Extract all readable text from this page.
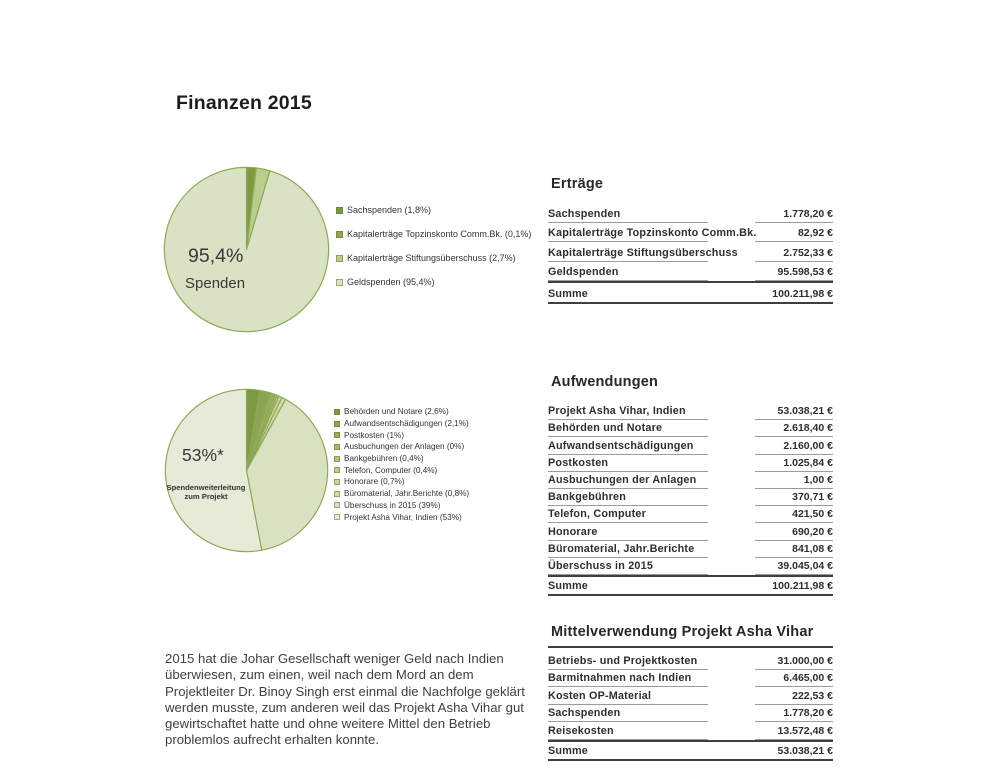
Finanzen 2015
95,4%
Spenden
Sachspenden (1,8%)
Kapitalerträge Topzinskonto Comm.Bk. (0,1%)
Kapitalerträge Stiftungsüberschuss (2,7%)
Geldspenden (95,4%)
Erträge
Sachspenden	1.778,20 €
Kapitalerträge Topzinskonto Comm.Bk.	82,92 €
Kapitalerträge Stiftungsüberschuss	2.752,33 €
Geldspenden	95.598,53 €
Summe	100.211,98 €
53%*
Spendenweiterleitung
zum Projekt
Behörden und Notare (2,6%)
Aufwandsentschädigungen (2,1%)
Postkosten (1%)
Ausbuchungen der Anlagen (0%)
Bankgebühren (0,4%)
Telefon, Computer (0,4%)
Honorare (0,7%)
Büromaterial, Jahr.Berichte (0,8%)
Überschuss in 2015 (39%)
Projekt Asha Vihar, Indien (53%)
Aufwendungen
Projekt Asha Vihar, Indien	53.038,21 €
Behörden und Notare	2.618,40 €
Aufwandsentschädigungen	2.160,00 €
Postkosten	1.025,84 €
Ausbuchungen der Anlagen	1,00 €
Bankgebühren	370,71 €
Telefon, Computer	421,50 €
Honorare	690,20 €
Büromaterial, Jahr.Berichte	841,08 €
Überschuss in 2015	39.045,04 €
Summe	100.211,98 €
Mittelverwendung Projekt Asha Vihar
Betriebs- und Projektkosten	31.000,00 €
Barmitnahmen nach Indien	6.465,00 €
Kosten OP-Material	222,53 €
Sachspenden	1.778,20 €
Reisekosten	13.572,48 €
Summe	53.038,21 €

2015 hat die Johar Gesellschaft weniger Geld nach Indien überwiesen, zum einen, weil nach dem Mord an dem Projektleiter Dr. Binoy Singh erst einmal die Nachfolge geklärt werden musste, zum anderen weil das Projekt Asha Vihar gut gewirtschaftet hatte und ohne weitere Mittel den Betrieb problemlos aufrecht erhalten konnte.
